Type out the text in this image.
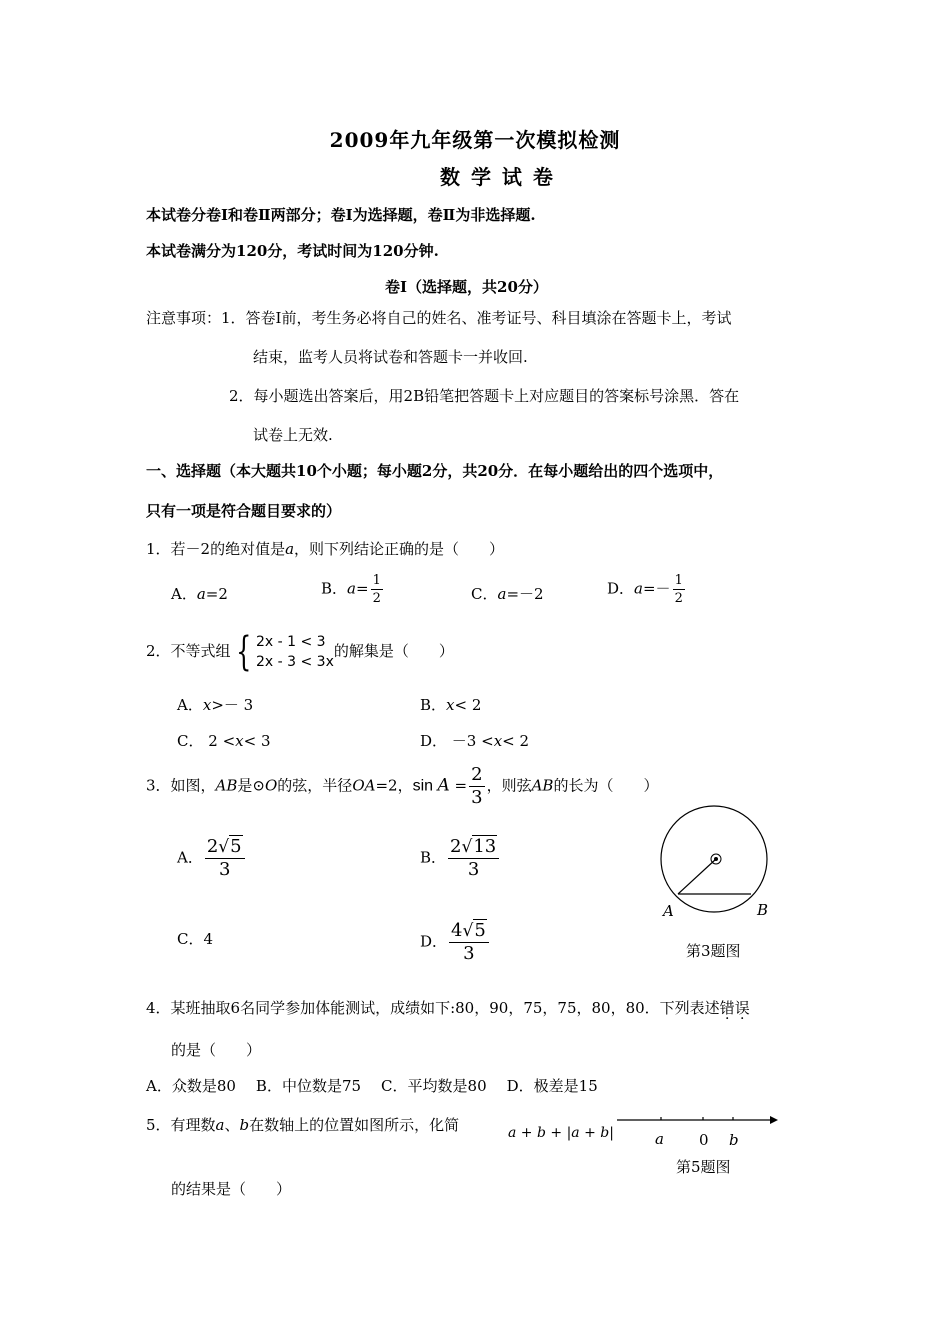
2009年九年级第一次模拟检测
数 学 试 卷
本试卷分卷Ⅰ和卷Ⅱ两部分；卷Ⅰ为选择题，卷Ⅱ为非选择题.
本试卷满分为120分，考试时间为120分钟.
卷Ⅰ（选择题，共20分）
注意事项：1．答卷Ⅰ前，考生务必将自己的姓名、准考证号、科目填涂在答题卡上，考试
结束，监考人员将试卷和答题卡一并收回.
2．每小题选出答案后，用2B铅笔把答题卡上对应题目的答案标号涂黑．答在
试卷上无效.
一、选择题（本大题共10个小题；每小题2分，共20分．在每小题给出的四个选项中，
只有一项是符合题目要求的）
1．若－2的绝对值是a，则下列结论正确的是（　　）
A．a=2	B．$a= \frac{1}{2}$	C．a=－2	D．$a=- \frac{1}{2}$
2．不等式组 { 2x - 1 < 3
2x - 3 < 3x
的解集是（　　）
A．x>－ 3	B．x< 2
C． 2 <x< 3	D． －3 <x< 2
3．如图，AB是⊙O的弦，半径OA=2，$\sin A = \frac{2}{3}$ ，则弦AB的长为（　　）
A． $\frac{2√5}{3}$	B． $\frac{2√13}{3}$
C．4	D． $\frac{4√5}{3}$
A	B
第3题图
4．某班抽取6名同学参加体能测试，成绩如下:80，90，75，75，80，80．下列表述错误
的是（　　）
A．众数是80 B．中位数是75 C．平均数是80 D．极差是15
5．有理数a、b在数轴上的位置如图所示，化简	a + b + |a + b|
的结果是（　　）
a 0 b
第5题图
